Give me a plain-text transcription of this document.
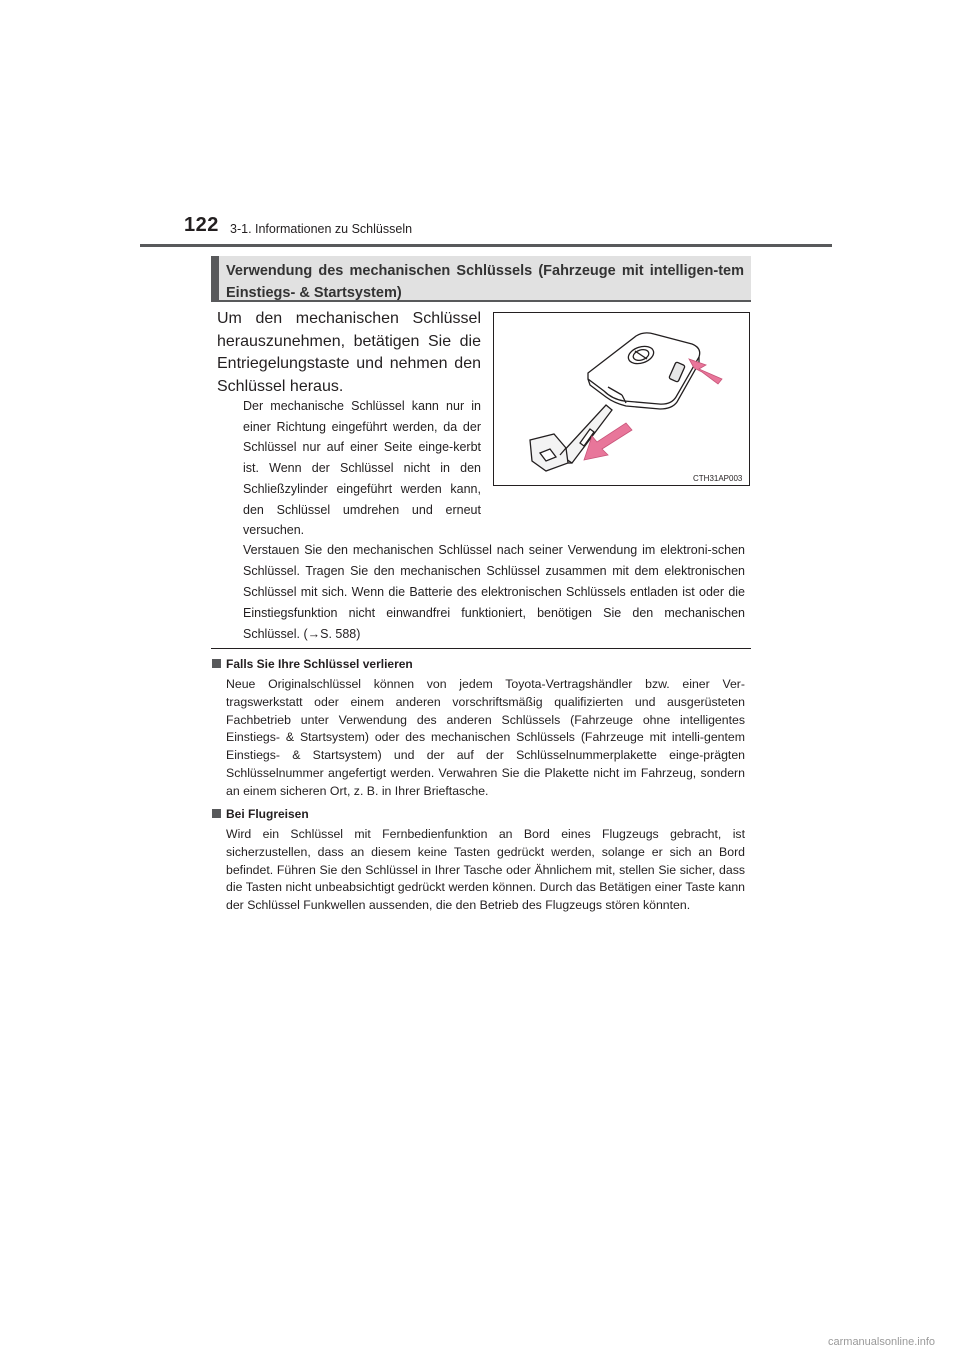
122 3-1. Informationen zu Schlüsseln
Verwendung des mechanischen Schlüssels (Fahrzeuge mit intelligen-tem Einstiegs- & Startsystem)
Um den mechanischen Schlüssel herauszunehmen, betätigen Sie die Entriegelungstaste und nehmen den Schlüssel heraus.
Der mechanische Schlüssel kann nur in einer Richtung eingeführt werden, da der Schlüssel nur auf einer Seite einge-kerbt ist. Wenn der Schlüssel nicht in den Schließzylinder eingeführt werden kann, den Schlüssel umdrehen und erneut versuchen.
CTH31AP003
Verstauen Sie den mechanischen Schlüssel nach seiner Verwendung im elektroni-schen Schlüssel. Tragen Sie den mechanischen Schlüssel zusammen mit dem elektronischen Schlüssel mit sich. Wenn die Batterie des elektronischen Schlüssels entladen ist oder die Einstiegsfunktion nicht einwandfrei funktioniert, benötigen Sie den mechanischen Schlüssel. (→S. 588)
Falls Sie Ihre Schlüssel verlieren
Neue Originalschlüssel können von jedem Toyota-Vertragshändler bzw. einer Ver-tragswerkstatt oder einem anderen vorschriftsmäßig qualifizierten und ausgerüsteten Fachbetrieb unter Verwendung des anderen Schlüssels (Fahrzeuge ohne intelligentes Einstiegs- & Startsystem) oder des mechanischen Schlüssels (Fahrzeuge mit intelli-gentem Einstiegs- & Startsystem) und der auf der Schlüsselnummerplakette einge-prägten Schlüsselnummer angefertigt werden. Verwahren Sie die Plakette nicht im Fahrzeug, sondern an einem sicheren Ort, z. B. in Ihrer Brieftasche.
Bei Flugreisen
Wird ein Schlüssel mit Fernbedienfunktion an Bord eines Flugzeugs gebracht, ist sicherzustellen, dass an diesem keine Tasten gedrückt werden, solange er sich an Bord befindet. Führen Sie den Schlüssel in Ihrer Tasche oder Ähnlichem mit, stellen Sie sicher, dass die Tasten nicht unbeabsichtigt gedrückt werden können. Durch das Betätigen einer Taste kann der Schlüssel Funkwellen aussenden, die den Betrieb des Flugzeugs stören könnten.
carmanualsonline.info
